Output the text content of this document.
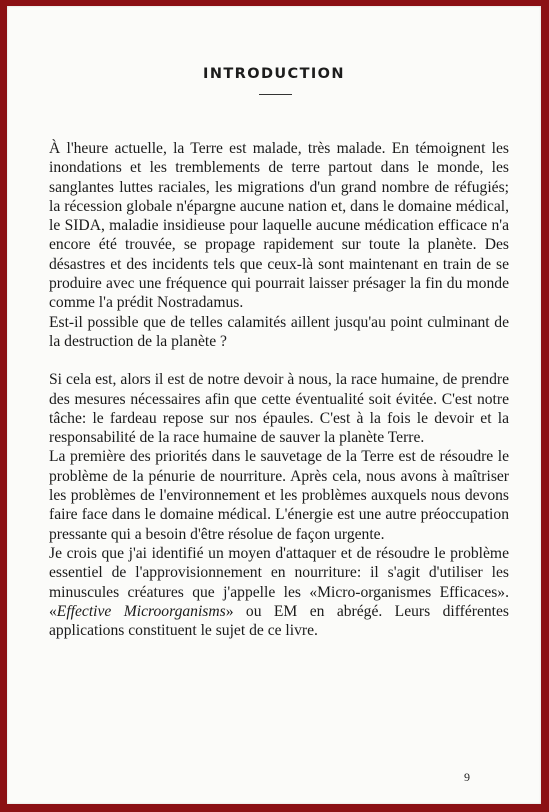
INTRODUCTION

À l'heure actuelle, la Terre est malade, très malade. En témoignent les inondations et les tremblements de terre partout dans le monde, les sanglantes luttes raciales, les migrations d'un grand nombre de réfugiés; la récession globale n'épargne aucune nation et, dans le domaine médical, le SIDA, maladie insidieuse pour laquelle aucune médication efficace n'a encore été trouvée, se propage rapidement sur toute la planète. Des désastres et des incidents tels que ceux-là sont maintenant en train de se produire avec une fréquence qui pourrait laisser présager la fin du monde comme l'a prédit Nostradamus.

Est-il possible que de telles calamités aillent jusqu'au point culminant de la destruction de la planète ?

Si cela est, alors il est de notre devoir à nous, la race humaine, de prendre des mesures nécessaires afin que cette éventualité soit évitée. C'est notre tâche: le fardeau repose sur nos épaules. C'est à la fois le devoir et la responsabilité de la race humaine de sauver la planète Terre.

La première des priorités dans le sauvetage de la Terre est de résoudre le problème de la pénurie de nourriture. Après cela, nous avons à maîtriser les problèmes de l'environnement et les problèmes auxquels nous devons faire face dans le domaine médical. L'énergie est une autre préoccupation pressante qui a besoin d'être résolue de façon urgente.

Je crois que j'ai identifié un moyen d'attaquer et de résoudre le problème essentiel de l'approvisionnement en nourriture: il s'agit d'utiliser les minuscules créatures que j'appelle les «Micro-organismes Efficaces». «Effective Microorganisms» ou EM en abrégé. Leurs différentes applications constituent le sujet de ce livre.

9
